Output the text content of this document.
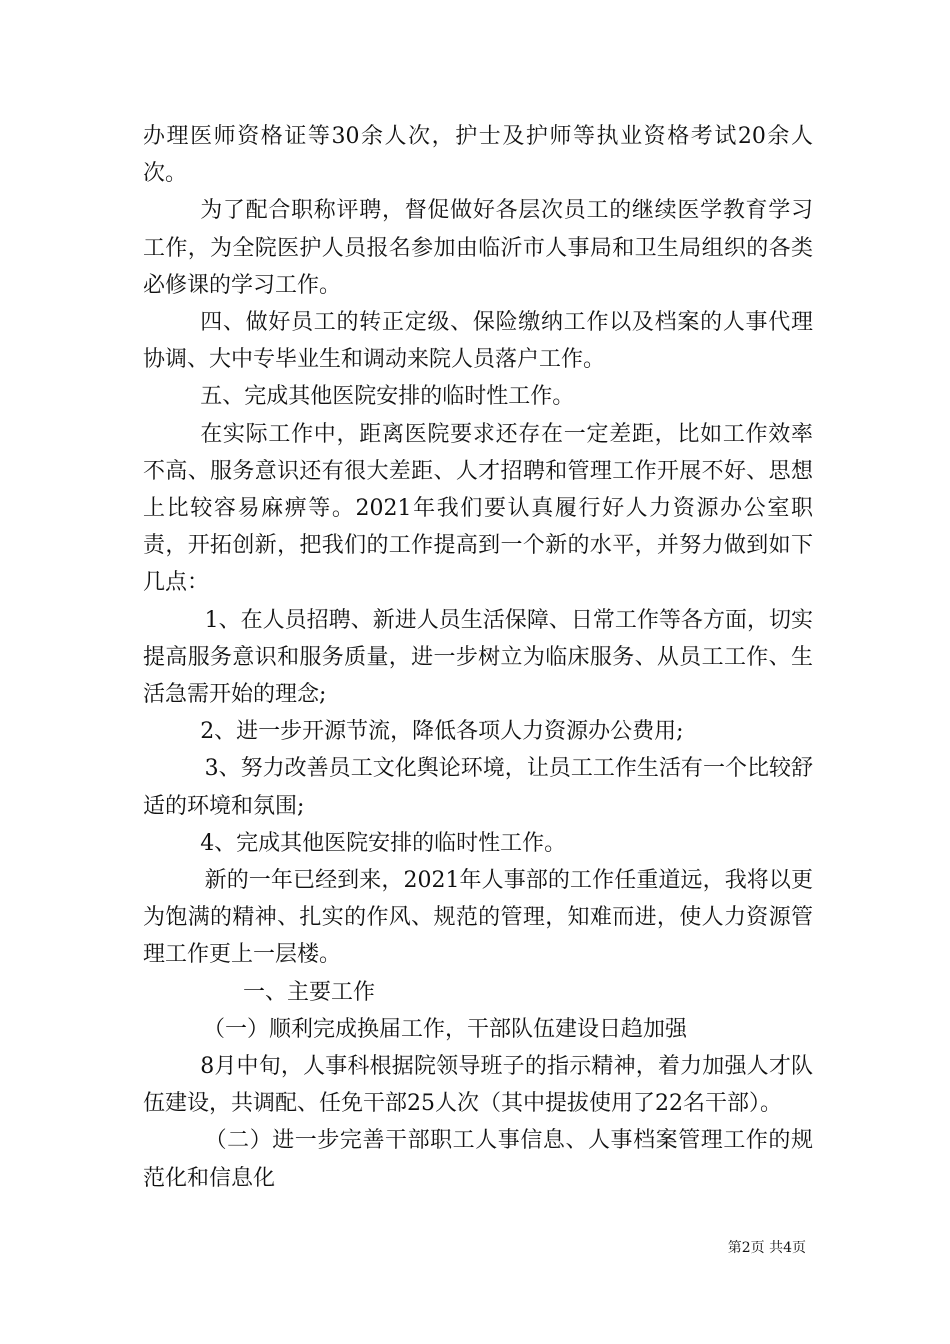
办理医师资格证等30余人次，护士及护师等执业资格考试20余人次。

为了配合职称评聘，督促做好各层次员工的继续医学教育学习工作，为全院医护人员报名参加由临沂市人事局和卫生局组织的各类必修课的学习工作。

四、做好员工的转正定级、保险缴纳工作以及档案的人事代理协调、大中专毕业生和调动来院人员落户工作。

五、完成其他医院安排的临时性工作。

在实际工作中，距离医院要求还存在一定差距，比如工作效率不高、服务意识还有很大差距、人才招聘和管理工作开展不好、思想上比较容易麻痹等。2021年我们要认真履行好人力资源办公室职责，开拓创新，把我们的工作提高到一个新的水平，并努力做到如下几点：

1、在人员招聘、新进人员生活保障、日常工作等各方面，切实提高服务意识和服务质量，进一步树立为临床服务、从员工工作、生活急需开始的理念;

2、进一步开源节流，降低各项人力资源办公费用;

3、努力改善员工文化舆论环境，让员工工作生活有一个比较舒适的环境和氛围;

4、完成其他医院安排的临时性工作。

新的一年已经到来，2021年人事部的工作任重道远，我将以更为饱满的精神、扎实的作风、规范的管理，知难而进，使人力资源管理工作更上一层楼。

一、主要工作

（一）顺利完成换届工作，干部队伍建设日趋加强

8月中旬，人事科根据院领导班子的指示精神，着力加强人才队伍建设，共调配、任免干部25人次（其中提拔使用了22名干部）。

（二）进一步完善干部职工人事信息、人事档案管理工作的规范化和信息化

第2页 共4页
